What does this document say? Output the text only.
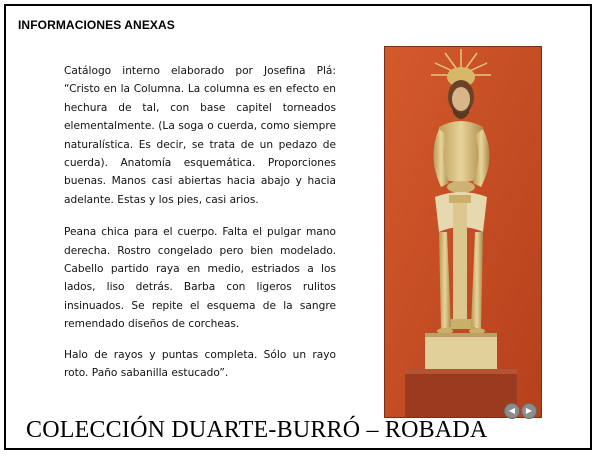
INFORMACIONES ANEXAS

Catálogo interno elaborado por Josefina Plá: “Cristo en la Columna. La columna es en efecto en hechura de tal, con base capitel torneados elementalmente. (La soga o cuerda, como siempre naturalística. Es decir, se trata de un pedazo de cuerda). Anatomía esquemática. Proporciones buenas. Manos casi abiertas hacia abajo y hacia adelante. Estas y los pies, casi arios.

Peana chica para el cuerpo. Falta el pulgar mano derecha. Rostro congelado pero bien modelado. Cabello partido raya en medio, estriados a los lados, liso detrás. Barba con ligeros rulitos insinuados. Se repite el esquema de la sangre remendado diseños de corcheas.

Halo de rayos y puntas completa. Sólo un rayo roto. Paño sabanilla estucado”.

COLECCIÓN DUARTE-BURRÓ – ROBADA
◀ ▶
